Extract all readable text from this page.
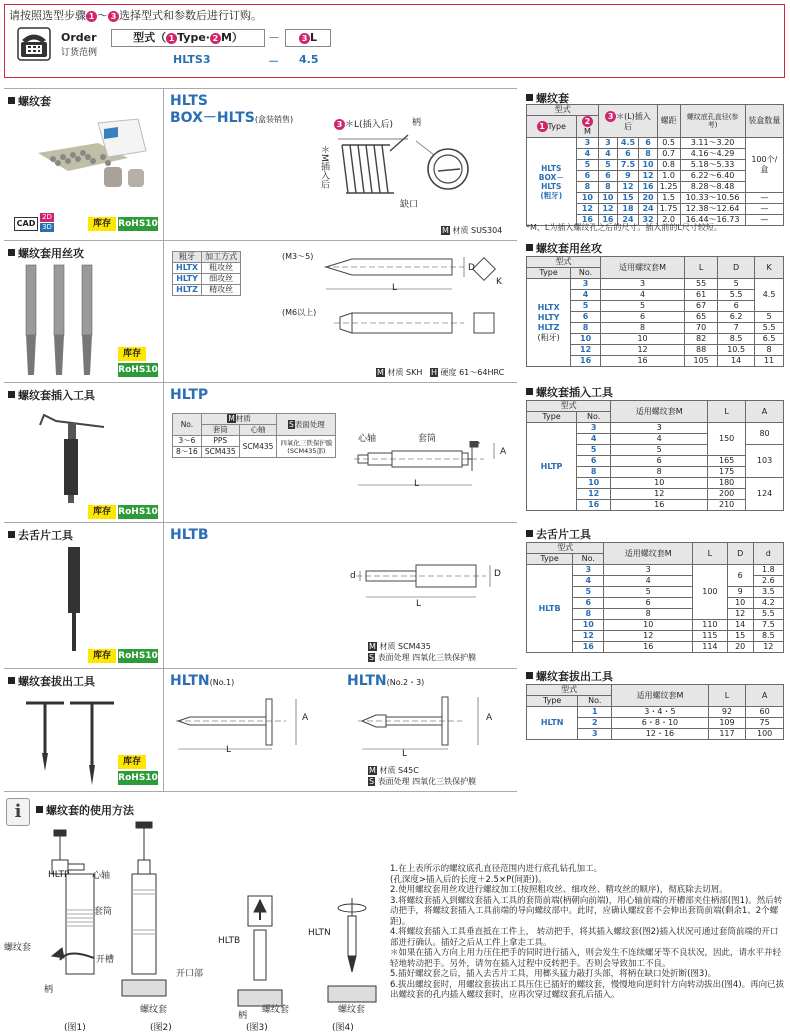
请按照选型步骤 1 ～ 3 选择型式和参数后进行订购。
Order
订货范例
型式（ 1 Type· 2 M）	－	3 L
HLTS3	－ 4.5
螺纹套
CAD
2D
3D	库存 RoHS10
HLTS
BOX－HLTS(盒装销售)
3 ＊L(插入后) 柄
＊M插入后
缺口
M 材质 SUS304
螺纹套用丝攻
库存
RoHS10
粗牙	加工方式
HLTX	粗攻丝
HLTY	细攻丝
HLTZ	精攻丝
(M3～5)
(M6以上)
L
D
K
M 材质 SKH H 硬度 61～64HRC
螺纹套插入工具
库存 RoHS10
HLTP
No.	M材质		S表面处理
	套筒	心轴	
3～6	PPS	SCM435	四氧化三铁保护膜
(SCM435部)
8～16	SCM435		
心轴	套筒
L
A
去舌片工具
库存 RoHS10
HLTB
d	D
L
M 材质 SCM435
S 表面处理 四氧化三铁保护膜
螺纹套拔出工具
库存
RoHS10
HLTN(No.1)	HLTN(No.2・3)
L
A
L
A
M 材质 S45C
S 表面处理 四氧化三铁保护膜
螺纹套
型式		3 ＊(L)插入后			螺距	螺纹底孔直径(参考)	装盒数量
1 Type	2M						
HLTS
BOX－HLTS
(粗牙)	3	3	4.5	6	0.5	3.11～3.20	100个/盒
	4	4	6	8	0.7	4.16～4.29	
	5	5	7.5	10	0.8	5.18～5.33	
	6	6	9	12	1.0	6.22～6.40	
	8	8	12	16	1.25	8.28～8.48	
	10	10	15	20	1.5	10.33～10.56	—
	12	12	18	24	1.75	12.38～12.64	—
	16	16	24	32	2.0	16.44～16.73	—
*M、L为插入螺纹孔之后的尺寸。插入前的L尺寸较短。
螺纹套用丝攻
型式		适用螺纹套M	L	D	K
Type	No.				

HLTX
HLTY
HLTZ
(粗牙)	3	3	55	5	4.5
	4	4	61	5.5	
	5	5	67	6	
	6	6	65	6.2	5
	8	8	70	7	5.5
	10	10	82	8.5	6.5
	12	12	88	10.5	8
	16	16	105	14	11
螺纹套插入工具
型式		适用螺纹套M	L	A
Type	No.			
HLTP	3	3	150	80
	4	4		
	5	5		103
	6	6	165	
	8	8	175	
	10	10	180	124
	12	12	200	
	16	16	210	
去舌片工具
型式		适用螺纹套M	L	D	d
Type	No.				
HLTB	3	3	100	6	1.8
	4	4			2.6
	5	5		9	3.5
	6	6		10	4.2
	8	8		12	5.5
	10	10	110	14	7.5
	12	12	115	15	8.5
	16	16	114	20	12
螺纹套拔出工具
型式		适用螺纹套M	L	A
Type	No.			
HLTN	1	3・4・5	92	60
	2	6・8・10	109	75
	3	12・16	117	100
i	螺纹套的使用方法
HLTP	心轴
套筒
螺纹套
开槽
柄
HLTB
开口部
HLTN
柄
螺纹套	螺纹套	螺纹套
(图1)	(图2)	(图3)	(图4)
1.在上表所示的螺纹底孔直径范围内进行底孔钻孔加工。
(孔深度>插入后的长度＋2.5×P(间距))。
2.使用螺纹套用丝攻进行螺纹加工(按照粗攻丝、细攻丝、精攻丝的顺序)，彻底除去切屑。
3.将螺纹套插入到螺纹套插入工具的套筒前端(柄朝向前端)，用心轴前端的开槽部夹住柄部(图1)。然后转动把手，将螺纹套插入工具前端的导向螺纹部中。此时，应确认螺纹套不会伸出套筒前端(剩余1、2个螺距)。
4.将螺纹套插入工具垂直抵在工件上， 转动把手，将其插入螺纹套(图2)插入状况可通过套筒前端的开口部进行确认。插好之后从工件上拿走工具。
＊如果在插入方向上用力压住把手的同时进行插入，则会发生不连续螺牙等不良状况，因此，请水平并轻轻地转动把手。另外，请勿在插入过程中反转把手。否则会导致加工不良。
5.插好螺纹套之后，插入去舌片工具，用榔头猛力敲打头部，将柄在缺口处折断(图3)。
6.拔出螺纹套时，用螺纹套拔出工具压住已插好的螺纹套，慢慢地向逆时针方向转动拔出(图4)。再向已拔出螺纹套的孔内插入螺纹套时，应再次穿过螺纹套孔后插入。
